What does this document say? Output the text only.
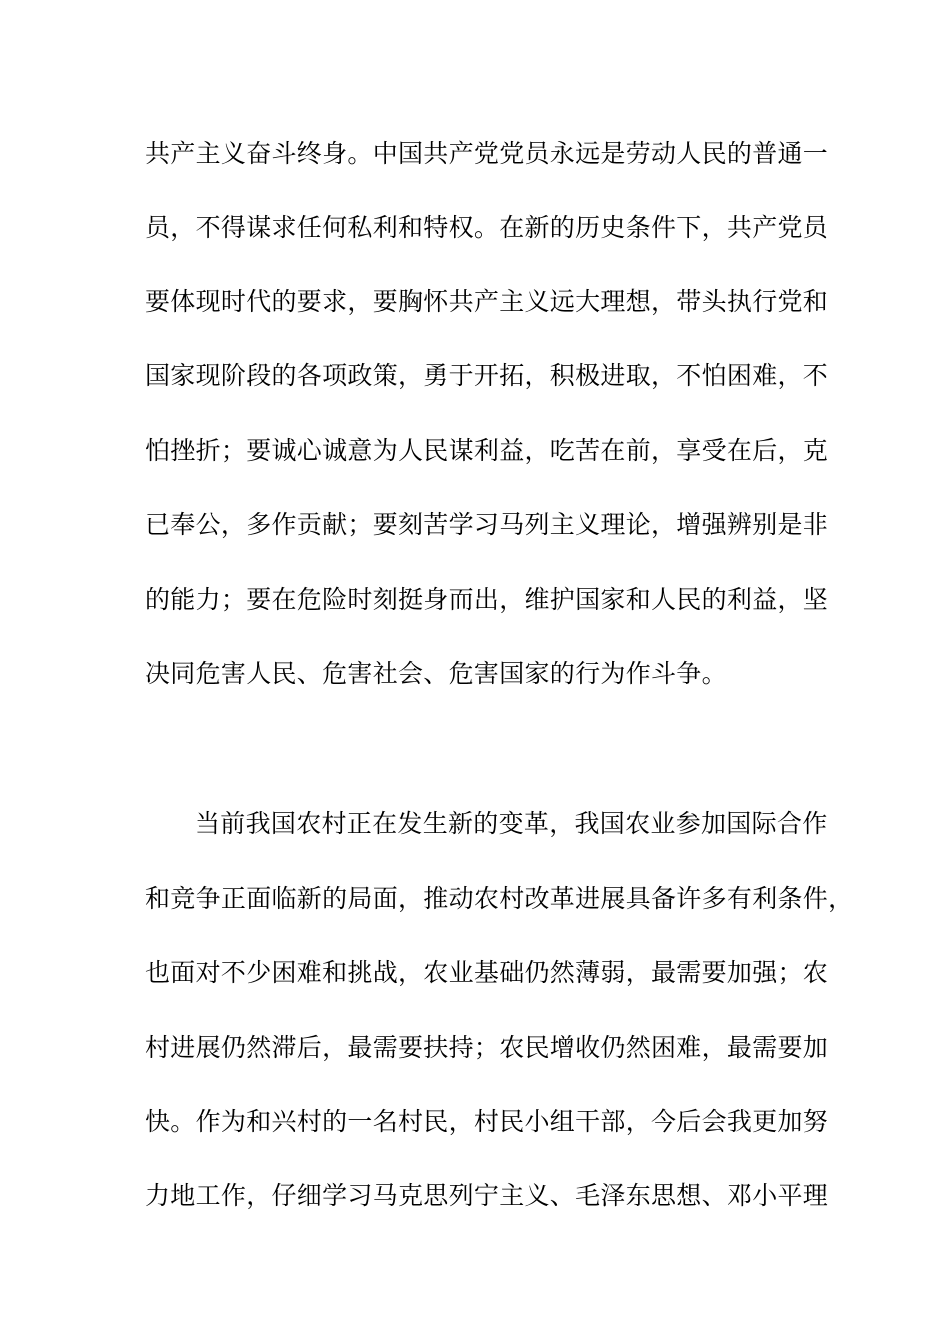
共产主义奋斗终身。中国共产党党员永远是劳动人民的普通一
员，不得谋求任何私利和特权。在新的历史条件下，共产党员
要体现时代的要求，要胸怀共产主义远大理想，带头执行党和
国家现阶段的各项政策，勇于开拓，积极进取，不怕困难，不
怕挫折；要诚心诚意为人民谋利益，吃苦在前，享受在后，克
已奉公，多作贡献；要刻苦学习马列主义理论，增强辨别是非
的能力；要在危险时刻挺身而出，维护国家和人民的利益，坚
决同危害人民、危害社会、危害国家的行为作斗争。
当前我国农村正在发生新的变革，我国农业参加国际合作
和竞争正面临新的局面，推动农村改革进展具备许多有利条件，
也面对不少困难和挑战，农业基础仍然薄弱，最需要加强；农
村进展仍然滞后，最需要扶持；农民增收仍然困难，最需要加
快。作为和兴村的一名村民，村民小组干部，今后会我更加努
力地工作，仔细学习马克思列宁主义、毛泽东思想、邓小平理
